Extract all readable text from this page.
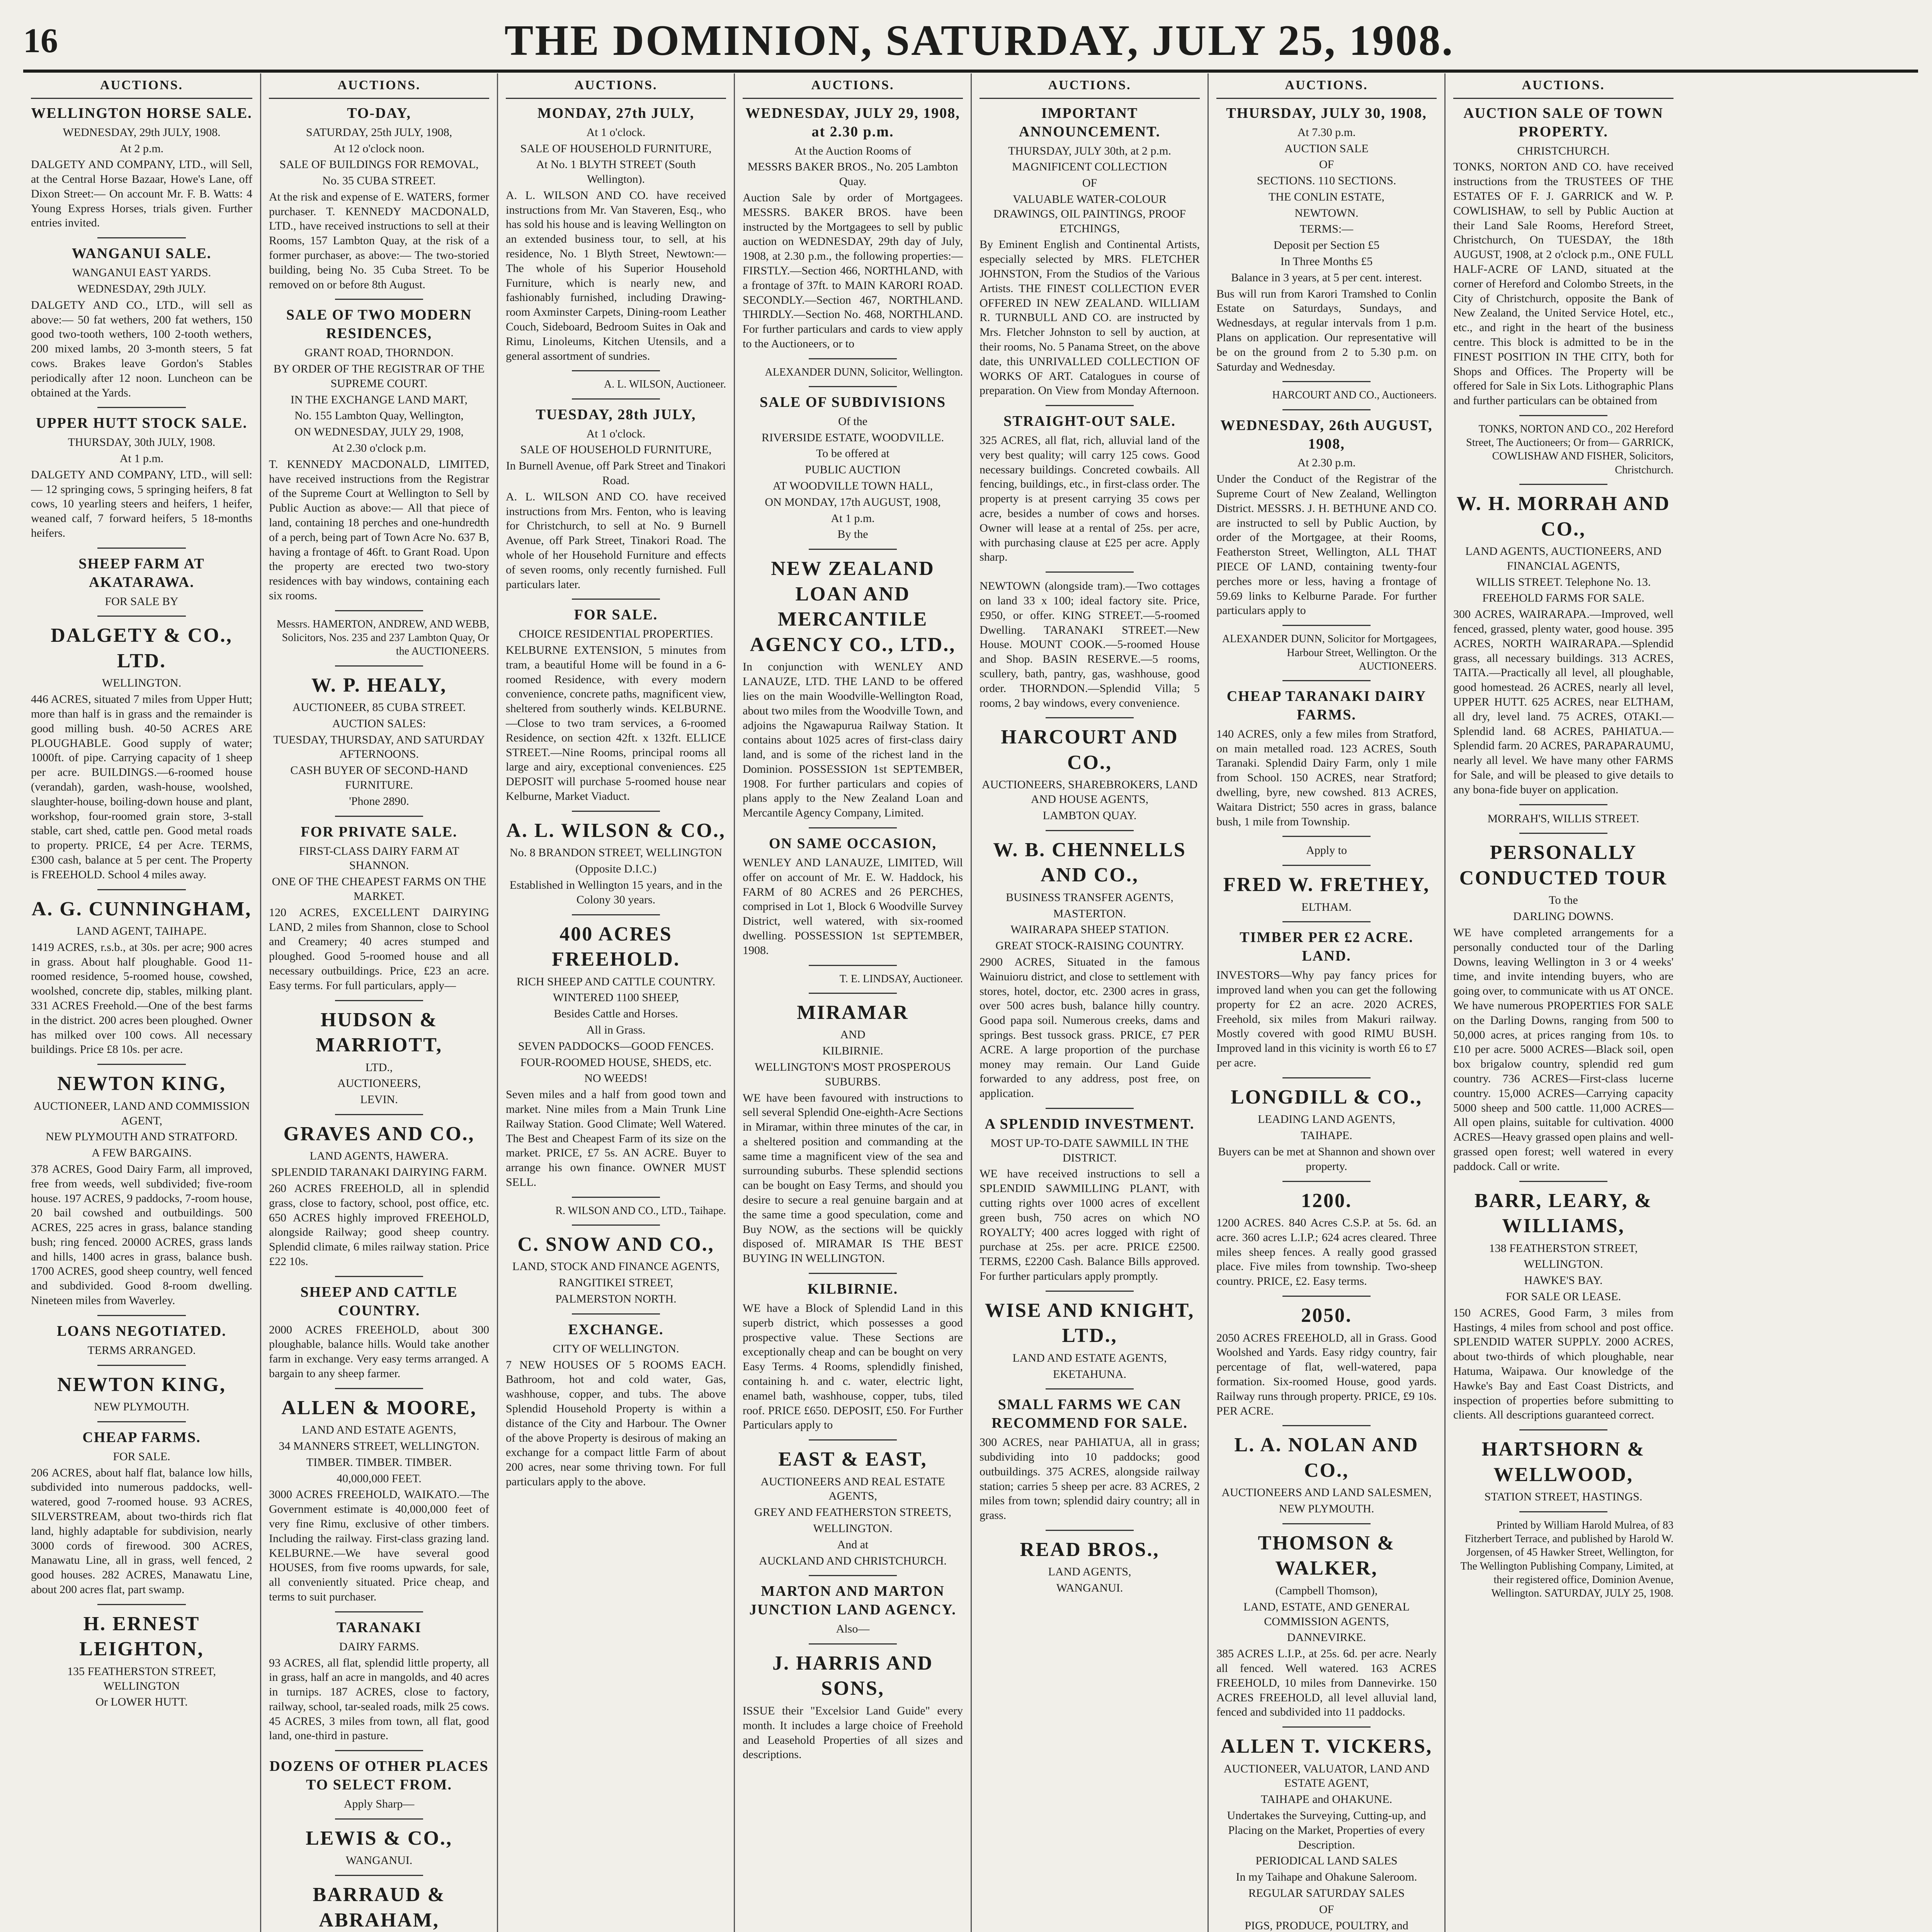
16	THE DOMINION, SATURDAY, JULY 25, 1908.

AUCTIONS.
WELLINGTON HORSE SALE.
WEDNESDAY, 29th JULY, 1908.
At 2 p.m.
DALGETY AND COMPANY, LTD., will Sell, at the Central Horse Bazaar, Howe's Lane, off Dixon Street:— On account Mr. F. B. Watts: 4 Young Express Horses, trials given. Further entries invited.
WANGANUI SALE.
WANGANUI EAST YARDS.
WEDNESDAY, 29th JULY.
DALGETY AND CO., LTD., will sell as above:— 50 fat wethers, 200 fat wethers, 150 good two-tooth wethers, 100 2-tooth wethers, 200 mixed lambs, 20 3-month steers, 5 fat cows. Brakes leave Gordon's Stables periodically after 12 noon. Luncheon can be obtained at the Yards.
UPPER HUTT STOCK SALE.
THURSDAY, 30th JULY, 1908.
At 1 p.m.
DALGETY AND COMPANY, LTD., will sell:— 12 springing cows, 5 springing heifers, 8 fat cows, 10 yearling steers and heifers, 1 heifer, weaned calf, 7 forward heifers, 5 18-months heifers.
SHEEP FARM AT AKATARAWA.
FOR SALE BY
DALGETY & CO., LTD.
WELLINGTON.
446 ACRES, situated 7 miles from Upper Hutt; more than half is in grass and the remainder is good milling bush. 40-50 ACRES ARE PLOUGHABLE. Good supply of water; 1000ft. of pipe. Carrying capacity of 1 sheep per acre. BUILDINGS.—6-roomed house (verandah), garden, wash-house, woolshed, slaughter-house, boiling-down house and plant, workshop, four-roomed grain store, 3-stall stable, cart shed, cattle pen. Good metal roads to property. PRICE, £4 per Acre. TERMS, £300 cash, balance at 5 per cent. The Property is FREEHOLD. School 4 miles away.
A. G. CUNNINGHAM,
LAND AGENT, TAIHAPE.
1419 ACRES, r.s.b., at 30s. per acre; 900 acres in grass. About half ploughable. Good 11-roomed residence, 5-roomed house, cowshed, woolshed, concrete dip, stables, milking plant. 331 ACRES Freehold.—One of the best farms in the district. 200 acres been ploughed. Owner has milked over 100 cows. All necessary buildings. Price £8 10s. per acre.
NEWTON KING,
AUCTIONEER, LAND AND COMMISSION AGENT,
NEW PLYMOUTH AND STRATFORD.
A FEW BARGAINS.
378 ACRES, Good Dairy Farm, all improved, free from weeds, well subdivided; five-room house. 197 ACRES, 9 paddocks, 7-room house, 20 bail cowshed and outbuildings. 500 ACRES, 225 acres in grass, balance standing bush; ring fenced. 20000 ACRES, grass lands and hills, 1400 acres in grass, balance bush. 1700 ACRES, good sheep country, well fenced and subdivided. Good 8-room dwelling. Nineteen miles from Waverley.
LOANS NEGOTIATED.
TERMS ARRANGED.
NEWTON KING,
NEW PLYMOUTH.
CHEAP FARMS.
FOR SALE.
206 ACRES, about half flat, balance low hills, subdivided into numerous paddocks, well-watered, good 7-roomed house. 93 ACRES, SILVERSTREAM, about two-thirds rich flat land, highly adaptable for subdivision, nearly 3000 cords of firewood. 300 ACRES, Manawatu Line, all in grass, well fenced, 2 good houses. 282 ACRES, Manawatu Line, about 200 acres flat, part swamp.
H. ERNEST LEIGHTON,
135 FEATHERSTON STREET, WELLINGTON
Or LOWER HUTT.
AUCTIONS.
TO-DAY,
SATURDAY, 25th JULY, 1908,
At 12 o'clock noon.
SALE OF BUILDINGS FOR REMOVAL,
No. 35 CUBA STREET.
At the risk and expense of E. WATERS, former purchaser. T. KENNEDY MACDONALD, LTD., have received instructions to sell at their Rooms, 157 Lambton Quay, at the risk of a former purchaser, as above:— The two-storied building, being No. 35 Cuba Street. To be removed on or before 8th August.
SALE OF TWO MODERN RESIDENCES,
GRANT ROAD, THORNDON.
BY ORDER OF THE REGISTRAR OF THE SUPREME COURT.
IN THE EXCHANGE LAND MART,
No. 155 Lambton Quay, Wellington,
ON WEDNESDAY, JULY 29, 1908,
At 2.30 o'clock p.m.
T. KENNEDY MACDONALD, LIMITED, have received instructions from the Registrar of the Supreme Court at Wellington to Sell by Public Auction as above:— All that piece of land, containing 18 perches and one-hundredth of a perch, being part of Town Acre No. 637 B, having a frontage of 46ft. to Grant Road. Upon the property are erected two two-story residences with bay windows, containing each six rooms.
Messrs. HAMERTON, ANDREW, AND WEBB, Solicitors, Nos. 235 and 237 Lambton Quay, Or the AUCTIONEERS.
W. P. HEALY,
AUCTIONEER, 85 CUBA STREET.
AUCTION SALES:
TUESDAY, THURSDAY, AND SATURDAY AFTERNOONS.
CASH BUYER OF SECOND-HAND FURNITURE.
'Phone 2890.
FOR PRIVATE SALE.
FIRST-CLASS DAIRY FARM AT SHANNON.
ONE OF THE CHEAPEST FARMS ON THE MARKET.
120 ACRES, EXCELLENT DAIRYING LAND, 2 miles from Shannon, close to School and Creamery; 40 acres stumped and ploughed. Good 5-roomed house and all necessary outbuildings. Price, £23 an acre. Easy terms. For full particulars, apply—
HUDSON & MARRIOTT,
LTD.,
AUCTIONEERS,
LEVIN.
GRAVES AND CO.,
LAND AGENTS, HAWERA.
SPLENDID TARANAKI DAIRYING FARM.
260 ACRES FREEHOLD, all in splendid grass, close to factory, school, post office, etc. 650 ACRES highly improved FREEHOLD, alongside Railway; good sheep country. Splendid climate, 6 miles railway station. Price £22 10s.
SHEEP AND CATTLE COUNTRY.
2000 ACRES FREEHOLD, about 300 ploughable, balance hills. Would take another farm in exchange. Very easy terms arranged. A bargain to any sheep farmer.
ALLEN & MOORE,
LAND AND ESTATE AGENTS,
34 MANNERS STREET, WELLINGTON.
TIMBER. TIMBER. TIMBER.
40,000,000 FEET.
3000 ACRES FREEHOLD, WAIKATO.—The Government estimate is 40,000,000 feet of very fine Rimu, exclusive of other timbers. Including the railway. First-class grazing land. KELBURNE.—We have several good HOUSES, from five rooms upwards, for sale, all conveniently situated. Price cheap, and terms to suit purchaser.
TARANAKI
DAIRY FARMS.
93 ACRES, all flat, splendid little property, all in grass, half an acre in mangolds, and 40 acres in turnips. 187 ACRES, close to factory, railway, school, tar-sealed roads, milk 25 cows. 45 ACRES, 3 miles from town, all flat, good land, one-third in pasture.
DOZENS OF OTHER PLACES TO SELECT FROM.
Apply Sharp—
LEWIS & CO.,
WANGANUI.
BARRAUD & ABRAHAM,
AUCTIONS.
MONDAY, 27th JULY,
At 1 o'clock.
SALE OF HOUSEHOLD FURNITURE,
At No. 1 BLYTH STREET (South Wellington).
A. L. WILSON AND CO. have received instructions from Mr. Van Staveren, Esq., who has sold his house and is leaving Wellington on an extended business tour, to sell, at his residence, No. 1 Blyth Street, Newtown:— The whole of his Superior Household Furniture, which is nearly new, and fashionably furnished, including Drawing-room Axminster Carpets, Dining-room Leather Couch, Sideboard, Bedroom Suites in Oak and Rimu, Linoleums, Kitchen Utensils, and a general assortment of sundries.
A. L. WILSON, Auctioneer.
TUESDAY, 28th JULY,
At 1 o'clock.
SALE OF HOUSEHOLD FURNITURE,
In Burnell Avenue, off Park Street and Tinakori Road.
A. L. WILSON AND CO. have received instructions from Mrs. Fenton, who is leaving for Christchurch, to sell at No. 9 Burnell Avenue, off Park Street, Tinakori Road. The whole of her Household Furniture and effects of seven rooms, only recently furnished. Full particulars later.
FOR SALE.
CHOICE RESIDENTIAL PROPERTIES.
KELBURNE EXTENSION, 5 minutes from tram, a beautiful Home will be found in a 6-roomed Residence, with every modern convenience, concrete paths, magnificent view, sheltered from southerly winds. KELBURNE.—Close to two tram services, a 6-roomed Residence, on section 42ft. x 132ft. ELLICE STREET.—Nine Rooms, principal rooms all large and airy, exceptional conveniences. £25 DEPOSIT will purchase 5-roomed house near Kelburne, Market Viaduct.
A. L. WILSON & CO.,
No. 8 BRANDON STREET, WELLINGTON
(Opposite D.I.C.)
Established in Wellington 15 years, and in the Colony 30 years.
400 ACRES FREEHOLD.
RICH SHEEP AND CATTLE COUNTRY.
WINTERED 1100 SHEEP,
Besides Cattle and Horses.
All in Grass.
SEVEN PADDOCKS—GOOD FENCES.
FOUR-ROOMED HOUSE, SHEDS, etc.
NO WEEDS!
Seven miles and a half from good town and market. Nine miles from a Main Trunk Line Railway Station. Good Climate; Well Watered. The Best and Cheapest Farm of its size on the market. PRICE, £7 5s. AN ACRE. Buyer to arrange his own finance. OWNER MUST SELL.
R. WILSON AND CO., LTD., Taihape.
C. SNOW AND CO.,
LAND, STOCK AND FINANCE AGENTS,
RANGITIKEI STREET,
PALMERSTON NORTH.
EXCHANGE.
CITY OF WELLINGTON.
7 NEW HOUSES OF 5 ROOMS EACH. Bathroom, hot and cold water, Gas, washhouse, copper, and tubs. The above Splendid Household Property is within a distance of the City and Harbour. The Owner of the above Property is desirous of making an exchange for a compact little Farm of about 200 acres, near some thriving town. For full particulars apply to the above.
AUCTIONS.
WEDNESDAY, JULY 29, 1908, at 2.30 p.m.
At the Auction Rooms of
MESSRS BAKER BROS., No. 205 Lambton Quay.
Auction Sale by order of Mortgagees. MESSRS. BAKER BROS. have been instructed by the Mortgagees to sell by public auction on WEDNESDAY, 29th day of July, 1908, at 2.30 p.m., the following properties:— FIRSTLY.—Section 466, NORTHLAND, with a frontage of 37ft. to MAIN KARORI ROAD. SECONDLY.—Section 467, NORTHLAND. THIRDLY.—Section No. 468, NORTHLAND. For further particulars and cards to view apply to the Auctioneers, or to
ALEXANDER DUNN, Solicitor, Wellington.
SALE OF SUBDIVISIONS
Of the
RIVERSIDE ESTATE, WOODVILLE.
To be offered at
PUBLIC AUCTION
AT WOODVILLE TOWN HALL,
ON MONDAY, 17th AUGUST, 1908,
At 1 p.m.
By the
NEW ZEALAND LOAN AND MERCANTILE AGENCY CO., LTD.,
In conjunction with WENLEY AND LANAUZE, LTD. THE LAND to be offered lies on the main Woodville-Wellington Road, about two miles from the Woodville Town, and adjoins the Ngawapurua Railway Station. It contains about 1025 acres of first-class dairy land, and is some of the richest land in the Dominion. POSSESSION 1st SEPTEMBER, 1908. For further particulars and copies of plans apply to the New Zealand Loan and Mercantile Agency Company, Limited.
ON SAME OCCASION,
WENLEY AND LANAUZE, LIMITED, Will offer on account of Mr. E. W. Haddock, his FARM of 80 ACRES and 26 PERCHES, comprised in Lot 1, Block 6 Woodville Survey District, well watered, with six-roomed dwelling. POSSESSION 1st SEPTEMBER, 1908.
T. E. LINDSAY, Auctioneer.
MIRAMAR
AND
KILBIRNIE.
WELLINGTON'S MOST PROSPEROUS SUBURBS.
WE have been favoured with instructions to sell several Splendid One-eighth-Acre Sections in Miramar, within three minutes of the car, in a sheltered position and commanding at the same time a magnificent view of the sea and surrounding suburbs. These splendid sections can be bought on Easy Terms, and should you desire to secure a real genuine bargain and at the same time a good speculation, come and Buy NOW, as the sections will be quickly disposed of. MIRAMAR IS THE BEST BUYING IN WELLINGTON.
KILBIRNIE.
WE have a Block of Splendid Land in this superb district, which possesses a good prospective value. These Sections are exceptionally cheap and can be bought on very Easy Terms. 4 Rooms, splendidly finished, containing h. and c. water, electric light, enamel bath, washhouse, copper, tubs, tiled roof. PRICE £650. DEPOSIT, £50. For Further Particulars apply to
EAST & EAST,
AUCTIONEERS AND REAL ESTATE AGENTS,
GREY AND FEATHERSTON STREETS,
WELLINGTON.
And at
AUCKLAND AND CHRISTCHURCH.
MARTON AND MARTON JUNCTION LAND AGENCY.
Also—
J. HARRIS AND SONS,
ISSUE their "Excelsior Land Guide" every month. It includes a large choice of Freehold and Leasehold Properties of all sizes and descriptions.
AUCTIONS.
IMPORTANT ANNOUNCEMENT.
THURSDAY, JULY 30th, at 2 p.m.
MAGNIFICENT COLLECTION
OF
VALUABLE WATER-COLOUR DRAWINGS, OIL PAINTINGS, PROOF ETCHINGS,
By Eminent English and Continental Artists, especially selected by MRS. FLETCHER JOHNSTON, From the Studios of the Various Artists. THE FINEST COLLECTION EVER OFFERED IN NEW ZEALAND. WILLIAM R. TURNBULL AND CO. are instructed by Mrs. Fletcher Johnston to sell by auction, at their rooms, No. 5 Panama Street, on the above date, this UNRIVALLED COLLECTION OF WORKS OF ART. Catalogues in course of preparation. On View from Monday Afternoon.
STRAIGHT-OUT SALE.
325 ACRES, all flat, rich, alluvial land of the very best quality; will carry 125 cows. Good necessary buildings. Concreted cowbails. All fencing, buildings, etc., in first-class order. The property is at present carrying 35 cows per acre, besides a number of cows and horses. Owner will lease at a rental of 25s. per acre, with purchasing clause at £25 per acre. Apply sharp.
NEWTOWN (alongside tram).—Two cottages on land 33 x 100; ideal factory site. Price, £950, or offer. KING STREET.—5-roomed Dwelling. TARANAKI STREET.—New House. MOUNT COOK.—5-roomed House and Shop. BASIN RESERVE.—5 rooms, scullery, bath, pantry, gas, washhouse, good order. THORNDON.—Splendid Villa; 5 rooms, 2 bay windows, every convenience.
HARCOURT AND CO.,
AUCTIONEERS, SHAREBROKERS, LAND AND HOUSE AGENTS,
LAMBTON QUAY.
W. B. CHENNELLS AND CO.,
BUSINESS TRANSFER AGENTS,
MASTERTON.
WAIRARAPA SHEEP STATION.
GREAT STOCK-RAISING COUNTRY.
2900 ACRES, Situated in the famous Wainuioru district, and close to settlement with stores, hotel, doctor, etc. 2300 acres in grass, over 500 acres bush, balance hilly country. Good papa soil. Numerous creeks, dams and springs. Best tussock grass. PRICE, £7 PER ACRE. A large proportion of the purchase money may remain. Our Land Guide forwarded to any address, post free, on application.
A SPLENDID INVESTMENT.
MOST UP-TO-DATE SAWMILL IN THE DISTRICT.
WE have received instructions to sell a SPLENDID SAWMILLING PLANT, with cutting rights over 1000 acres of excellent green bush, 750 acres on which NO ROYALTY; 400 acres logged with right of purchase at 25s. per acre. PRICE £2500. TERMS, £2200 Cash. Balance Bills approved. For further particulars apply promptly.
WISE AND KNIGHT, LTD.,
LAND AND ESTATE AGENTS,
EKETAHUNA.
SMALL FARMS WE CAN RECOMMEND FOR SALE.
300 ACRES, near PAHIATUA, all in grass; subdividing into 10 paddocks; good outbuildings. 375 ACRES, alongside railway station; carries 5 sheep per acre. 83 ACRES, 2 miles from town; splendid dairy country; all in grass.
READ BROS.,
LAND AGENTS,
WANGANUI.
AUCTIONS.
THURSDAY, JULY 30, 1908,
At 7.30 p.m.
AUCTION SALE
OF
SECTIONS. 110 SECTIONS.
THE CONLIN ESTATE,
NEWTOWN.
TERMS:—
Deposit per Section £5
In Three Months £5
Balance in 3 years, at 5 per cent. interest.
Bus will run from Karori Tramshed to Conlin Estate on Saturdays, Sundays, and Wednesdays, at regular intervals from 1 p.m. Plans on application. Our representative will be on the ground from 2 to 5.30 p.m. on Saturday and Wednesday.
HARCOURT AND CO., Auctioneers.
WEDNESDAY, 26th AUGUST, 1908,
At 2.30 p.m.
Under the Conduct of the Registrar of the Supreme Court of New Zealand, Wellington District. MESSRS. J. H. BETHUNE AND CO. are instructed to sell by Public Auction, by order of the Mortgagee, at their Rooms, Featherston Street, Wellington, ALL THAT PIECE OF LAND, containing twenty-four perches more or less, having a frontage of 59.69 links to Kelburne Parade. For further particulars apply to
ALEXANDER DUNN, Solicitor for Mortgagees, Harbour Street, Wellington. Or the AUCTIONEERS.
CHEAP TARANAKI DAIRY FARMS.
140 ACRES, only a few miles from Stratford, on main metalled road. 123 ACRES, South Taranaki. Splendid Dairy Farm, only 1 mile from School. 150 ACRES, near Stratford; dwelling, byre, new cowshed. 813 ACRES, Waitara District; 550 acres in grass, balance bush, 1 mile from Township.
Apply to
FRED W. FRETHEY,
ELTHAM.
TIMBER PER £2 ACRE. LAND.
INVESTORS—Why pay fancy prices for improved land when you can get the following property for £2 an acre. 2020 ACRES, Freehold, six miles from Makuri railway. Mostly covered with good RIMU BUSH. Improved land in this vicinity is worth £6 to £7 per acre.
LONGDILL & CO.,
LEADING LAND AGENTS,
TAIHAPE.
Buyers can be met at Shannon and shown over property.
1200.
1200 ACRES. 840 Acres C.S.P. at 5s. 6d. an acre. 360 acres L.I.P.; 624 acres cleared. Three miles sheep fences. A really good grassed place. Five miles from township. Two-sheep country. PRICE, £2. Easy terms.
2050.
2050 ACRES FREEHOLD, all in Grass. Good Woolshed and Yards. Easy ridgy country, fair percentage of flat, well-watered, papa formation. Six-roomed House, good yards. Railway runs through property. PRICE, £9 10s. PER ACRE.
L. A. NOLAN AND CO.,
AUCTIONEERS AND LAND SALESMEN,
NEW PLYMOUTH.
THOMSON & WALKER,
(Campbell Thomson),
LAND, ESTATE, AND GENERAL COMMISSION AGENTS,
DANNEVIRKE.
385 ACRES L.I.P., at 25s. 6d. per acre. Nearly all fenced. Well watered. 163 ACRES FREEHOLD, 10 miles from Dannevirke. 150 ACRES FREEHOLD, all level alluvial land, fenced and subdivided into 11 paddocks.
ALLEN T. VICKERS,
AUCTIONEER, VALUATOR, LAND AND ESTATE AGENT,
TAIHAPE and OHAKUNE.
Undertakes the Surveying, Cutting-up, and Placing on the Market, Properties of every Description.
PERIODICAL LAND SALES
In my Taihape and Ohakune Saleroom.
REGULAR SATURDAY SALES
OF
PIGS, PRODUCE, POULTRY, and
AUCTIONS.
AUCTION SALE OF TOWN PROPERTY.
CHRISTCHURCH.
TONKS, NORTON AND CO. have received instructions from the TRUSTEES OF THE ESTATES OF F. J. GARRICK and W. P. COWLISHAW, to sell by Public Auction at their Land Sale Rooms, Hereford Street, Christchurch, On TUESDAY, the 18th AUGUST, 1908, at 2 o'clock p.m., ONE FULL HALF-ACRE OF LAND, situated at the corner of Hereford and Colombo Streets, in the City of Christchurch, opposite the Bank of New Zealand, the United Service Hotel, etc., etc., and right in the heart of the business centre. This block is admitted to be in the FINEST POSITION IN THE CITY, both for Shops and Offices. The Property will be offered for Sale in Six Lots. Lithographic Plans and further particulars can be obtained from
TONKS, NORTON AND CO., 202 Hereford Street, The Auctioneers; Or from— GARRICK, COWLISHAW AND FISHER, Solicitors, Christchurch.
W. H. MORRAH AND CO.,
LAND AGENTS, AUCTIONEERS, AND FINANCIAL AGENTS,
WILLIS STREET. Telephone No. 13.
FREEHOLD FARMS FOR SALE.
300 ACRES, WAIRARAPA.—Improved, well fenced, grassed, plenty water, good house. 395 ACRES, NORTH WAIRARAPA.—Splendid grass, all necessary buildings. 313 ACRES, TAITA.—Practically all level, all ploughable, good homestead. 26 ACRES, nearly all level, UPPER HUTT. 625 ACRES, near ELTHAM, all dry, level land. 75 ACRES, OTAKI.—Splendid land. 68 ACRES, PAHIATUA.—Splendid farm. 20 ACRES, PARAPARAUMU, nearly all level. We have many other FARMS for Sale, and will be pleased to give details to any bona-fide buyer on application.
MORRAH'S, WILLIS STREET.
PERSONALLY CONDUCTED TOUR
To the
DARLING DOWNS.
WE have completed arrangements for a personally conducted tour of the Darling Downs, leaving Wellington in 3 or 4 weeks' time, and invite intending buyers, who are going over, to communicate with us AT ONCE. We have numerous PROPERTIES FOR SALE on the Darling Downs, ranging from 500 to 50,000 acres, at prices ranging from 10s. to £10 per acre. 5000 ACRES—Black soil, open box brigalow country, splendid red gum country. 736 ACRES—First-class lucerne country. 15,000 ACRES—Carrying capacity 5000 sheep and 500 cattle. 11,000 ACRES—All open plains, suitable for cultivation. 4000 ACRES—Heavy grassed open plains and well-grassed open forest; well watered in every paddock. Call or write.
BARR, LEARY, & WILLIAMS,
138 FEATHERSTON STREET,
WELLINGTON.
HAWKE'S BAY.
FOR SALE OR LEASE.
150 ACRES, Good Farm, 3 miles from Hastings, 4 miles from school and post office. SPLENDID WATER SUPPLY. 2000 ACRES, about two-thirds of which ploughable, near Hatuma, Waipawa. Our knowledge of the Hawke's Bay and East Coast Districts, and inspection of properties before submitting to clients. All descriptions guaranteed correct.
HARTSHORN & WELLWOOD,
STATION STREET, HASTINGS.
Printed by William Harold Mulrea, of 83 Fitzherbert Terrace, and published by Harold W. Jorgensen, of 45 Hawker Street, Wellington, for The Wellington Publishing Company, Limited, at their registered office, Dominion Avenue, Wellington. SATURDAY, JULY 25, 1908.
